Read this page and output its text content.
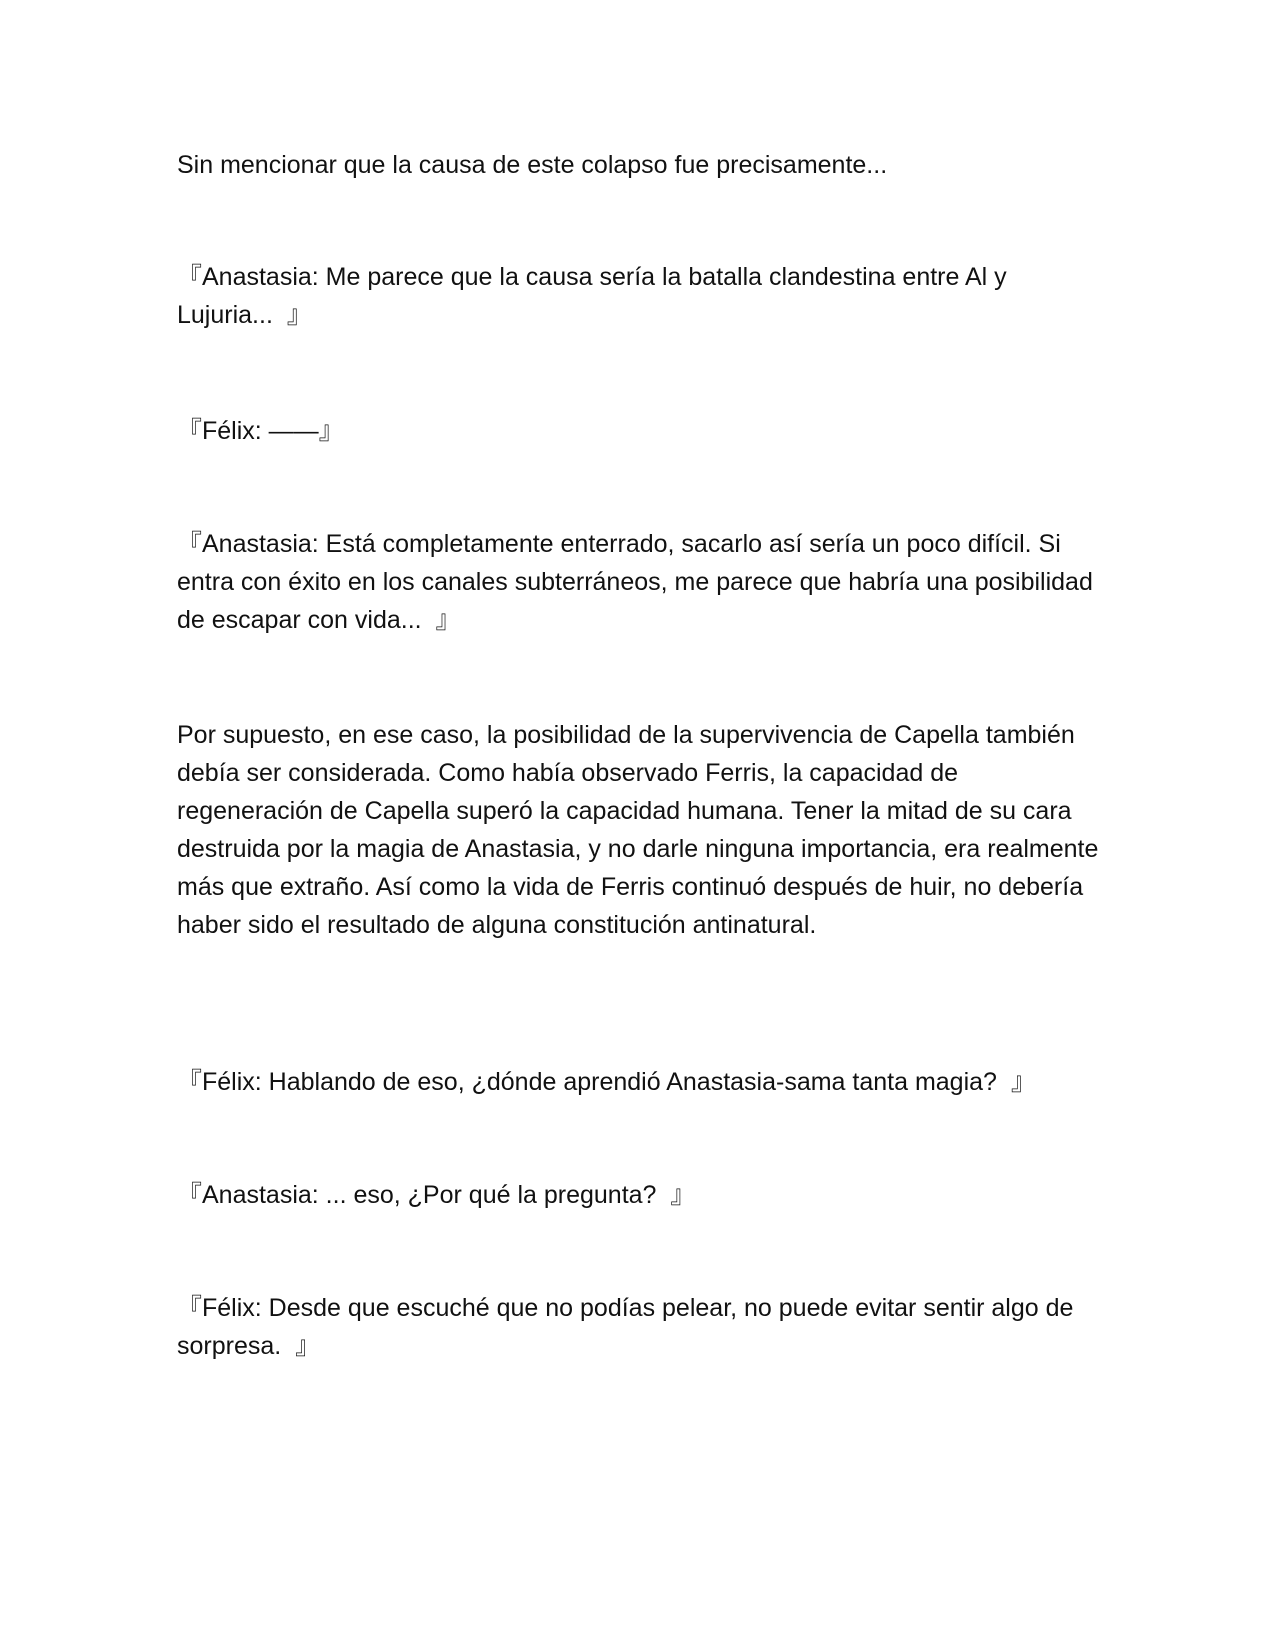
Sin mencionar que la causa de este colapso fue precisamente...

『Anastasia: Me parece que la causa sería la batalla clandestina entre Al y Lujuria...  』

『Félix: ——』

『Anastasia: Está completamente enterrado, sacarlo así sería un poco difícil. Si entra con éxito en los canales subterráneos, me parece que habría una posibilidad de escapar con vida...  』

Por supuesto, en ese caso, la posibilidad de la supervivencia de Capella también debía ser considerada. Como había observado Ferris, la capacidad de regeneración de Capella superó la capacidad humana. Tener la mitad de su cara destruida por la magia de Anastasia, y no darle ninguna importancia, era realmente más que extraño. Así como la vida de Ferris continuó después de huir, no debería haber sido el resultado de alguna constitución antinatural.

『Félix: Hablando de eso, ¿dónde aprendió Anastasia-sama tanta magia?  』

『Anastasia: ... eso, ¿Por qué la pregunta?  』

『Félix: Desde que escuché que no podías pelear, no puede evitar sentir algo de sorpresa.  』
